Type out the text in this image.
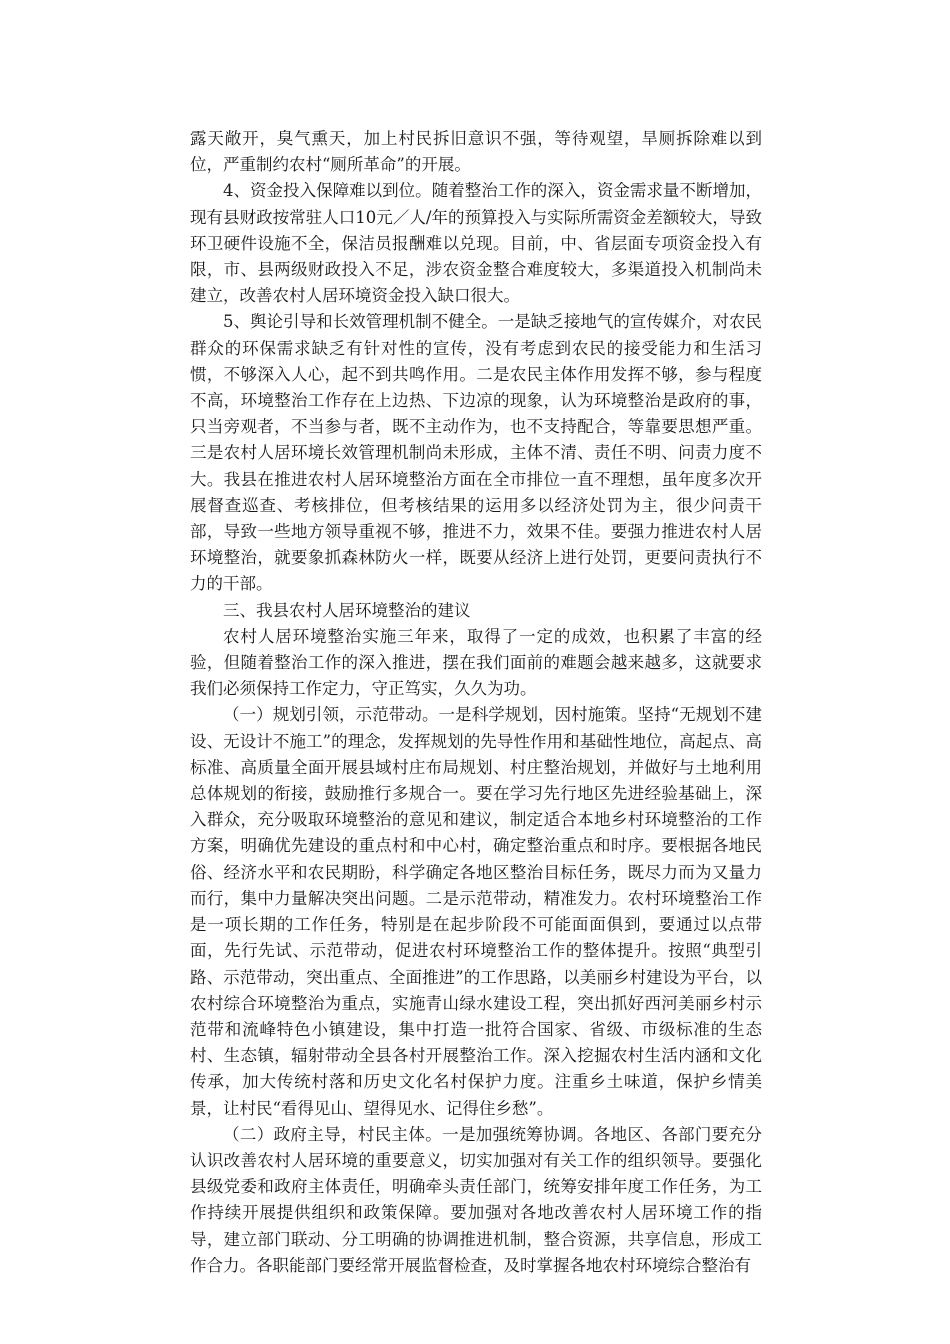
露天敞开，臭气熏天，加上村民拆旧意识不强，等待观望，旱厕拆除难以到位，严重制约农村“厕所革命”的开展。

4、资金投入保障难以到位。随着整治工作的深入，资金需求量不断增加，现有县财政按常驻人口10元／人/年的预算投入与实际所需资金差额较大，导致环卫硬件设施不全，保洁员报酬难以兑现。目前，中、省层面专项资金投入有限，市、县两级财政投入不足，涉农资金整合难度较大，多渠道投入机制尚未建立，改善农村人居环境资金投入缺口很大。

5、舆论引导和长效管理机制不健全。一是缺乏接地气的宣传媒介，对农民群众的环保需求缺乏有针对性的宣传，没有考虑到农民的接受能力和生活习惯，不够深入人心，起不到共鸣作用。二是农民主体作用发挥不够，参与程度不高，环境整治工作存在上边热、下边凉的现象，认为环境整治是政府的事，只当旁观者，不当参与者，既不主动作为，也不支持配合，等靠要思想严重。三是农村人居环境长效管理机制尚未形成，主体不清、责任不明、问责力度不大。我县在推进农村人居环境整治方面在全市排位一直不理想，虽年度多次开展督查巡查、考核排位，但考核结果的运用多以经济处罚为主，很少问责干部，导致一些地方领导重视不够，推进不力，效果不佳。要强力推进农村人居环境整治，就要象抓森林防火一样，既要从经济上进行处罚，更要问责执行不力的干部。

三、我县农村人居环境整治的建议

农村人居环境整治实施三年来，取得了一定的成效，也积累了丰富的经验，但随着整治工作的深入推进，摆在我们面前的难题会越来越多，这就要求我们必须保持工作定力，守正笃实，久久为功。

（一）规划引领，示范带动。一是科学规划，因村施策。坚持“无规划不建设、无设计不施工”的理念，发挥规划的先导性作用和基础性地位，高起点、高标准、高质量全面开展县域村庄布局规划、村庄整治规划，并做好与土地利用总体规划的衔接，鼓励推行多规合一。要在学习先行地区先进经验基础上，深入群众，充分吸取环境整治的意见和建议，制定适合本地乡村环境整治的工作方案，明确优先建设的重点村和中心村，确定整治重点和时序。要根据各地民俗、经济水平和农民期盼，科学确定各地区整治目标任务，既尽力而为又量力而行，集中力量解决突出问题。二是示范带动，精准发力。农村环境整治工作是一项长期的工作任务，特别是在起步阶段不可能面面俱到，要通过以点带面，先行先试、示范带动，促进农村环境整治工作的整体提升。按照“典型引路、示范带动，突出重点、全面推进”的工作思路，以美丽乡村建设为平台，以农村综合环境整治为重点，实施青山绿水建设工程，突出抓好西河美丽乡村示范带和流峰特色小镇建设，集中打造一批符合国家、省级、市级标准的生态村、生态镇，辐射带动全县各村开展整治工作。深入挖掘农村生活内涵和文化传承，加大传统村落和历史文化名村保护力度。注重乡土味道，保护乡情美景，让村民“看得见山、望得见水、记得住乡愁”。

（二）政府主导，村民主体。一是加强统筹协调。各地区、各部门要充分认识改善农村人居环境的重要意义，切实加强对有关工作的组织领导。要强化县级党委和政府主体责任，明确牵头责任部门，统筹安排年度工作任务，为工作持续开展提供组织和政策保障。要加强对各地改善农村人居环境工作的指导，建立部门联动、分工明确的协调推进机制，整合资源，共享信息，形成工作合力。各职能部门要经常开展监督检查，及时掌握各地农村环境综合整治有
